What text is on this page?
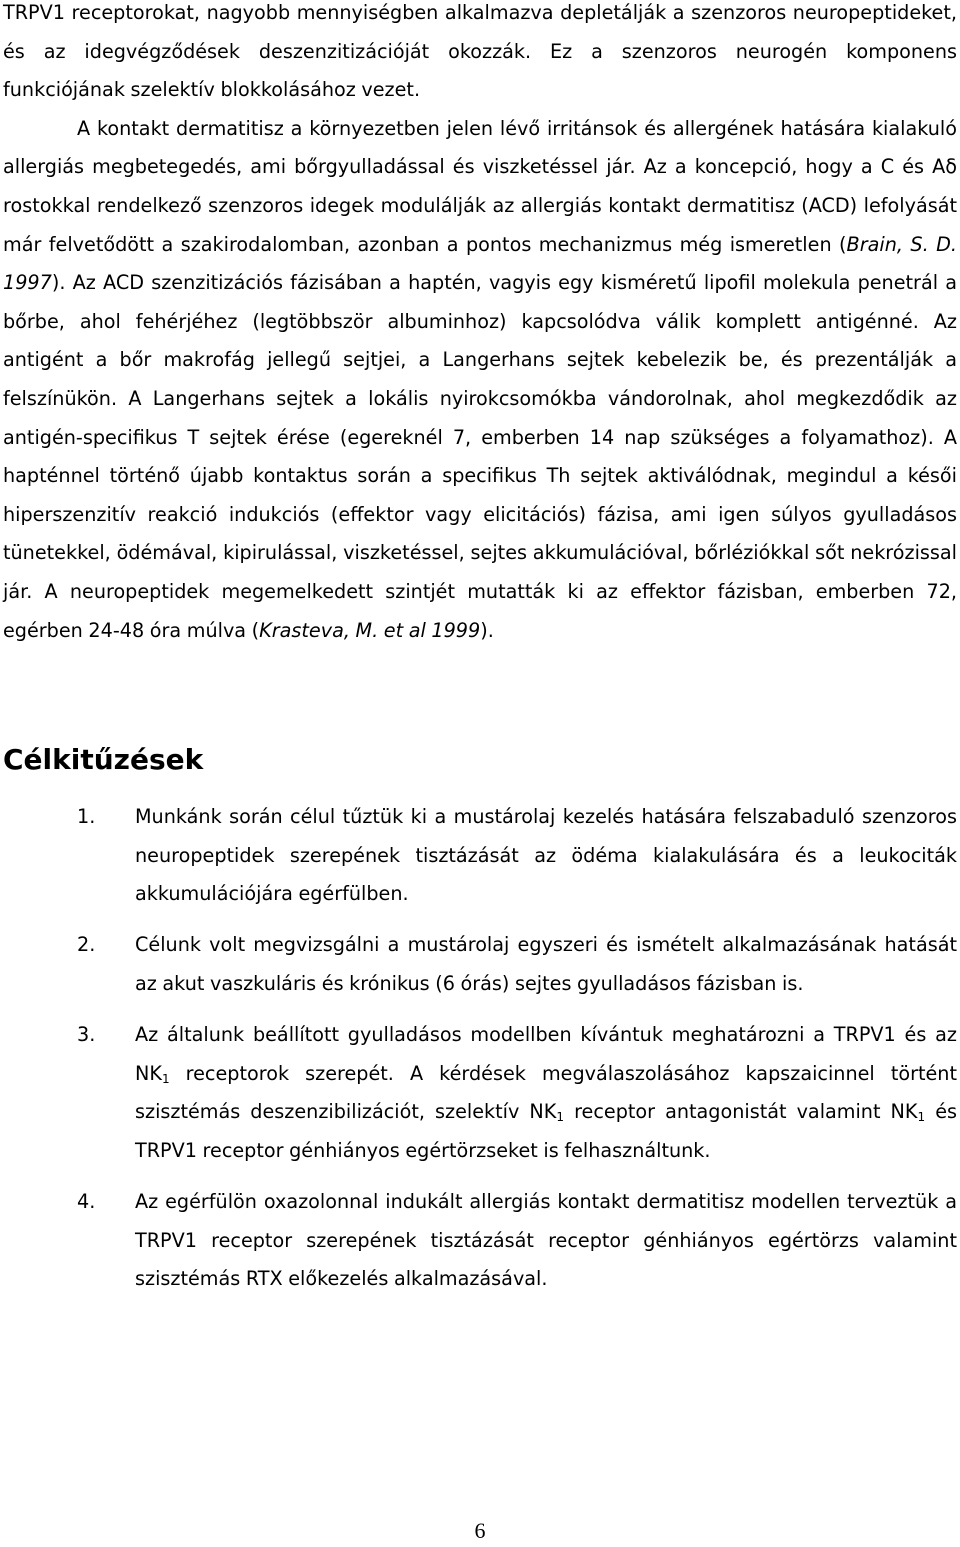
TRPV1 receptorokat, nagyobb mennyiségben alkalmazva depletálják a szenzoros neuropeptideket, és az idegvégződések deszenzitizációját okozzák. Ez a szenzoros neurogén komponens funkciójának szelektív blokkolásához vezet.

A kontakt dermatitisz a környezetben jelen lévő irritánsok és allergének hatására kialakuló allergiás megbetegedés, ami bőrgyulladással és viszketéssel jár. Az a koncepció, hogy a C és Aδ rostokkal rendelkező szenzoros idegek modulálják az allergiás kontakt dermatitisz (ACD) lefolyását már felvetődött a szakirodalomban, azonban a pontos mechanizmus még ismeretlen (Brain, S. D. 1997). Az ACD szenzitizációs fázisában a haptén, vagyis egy kisméretű lipofil molekula penetrál a bőrbe, ahol fehérjéhez (legtöbbször albuminhoz) kapcsolódva válik komplett antigénné. Az antigént a bőr makrofág jellegű sejtjei, a Langerhans sejtek kebelezik be, és prezentálják a felszínükön. A Langerhans sejtek a lokális nyirokcsomókba vándorolnak, ahol megkezdődik az antigén-specifikus T sejtek érése (egereknél 7, emberben 14 nap szükséges a folyamathoz). A hapténnel történő újabb kontaktus során a specifikus Th sejtek aktiválódnak, megindul a késői hiperszenzitív reakció indukciós (effektor vagy elicitációs) fázisa, ami igen súlyos gyulladásos tünetekkel, ödémával, kipirulással, viszketéssel, sejtes akkumulációval, bőrléziókkal sőt nekrózissal jár. A neuropeptidek megemelkedett szintjét mutatták ki az effektor fázisban, emberben 72, egérben 24-48 óra múlva (Krasteva, M. et al 1999).

Célkitűzések
1. Munkánk során célul tűztük ki a mustárolaj kezelés hatására felszabaduló szenzoros neuropeptidek szerepének tisztázását az ödéma kialakulására és a leukociták akkumulációjára egérfülben.
2. Célunk volt megvizsgálni a mustárolaj egyszeri és ismételt alkalmazásának hatását az akut vaszkuláris és krónikus (6 órás) sejtes gyulladásos fázisban is.
3. Az általunk beállított gyulladásos modellben kívántuk meghatározni a TRPV1 és az $NK_1$ receptorok szerepét. A kérdések megválaszolásához kapszaicinnel történt szisztémás deszenzibilizációt, szelektív $NK_1$ receptor antagonistát valamint $NK_1$ és TRPV1 receptor génhiányos egértörzseket is felhasználtunk.
4. Az egérfülön oxazolonnal indukált allergiás kontakt dermatitisz modellen terveztük a TRPV1 receptor szerepének tisztázását receptor génhiányos egértörzs valamint szisztémás RTX előkezelés alkalmazásával.
6
